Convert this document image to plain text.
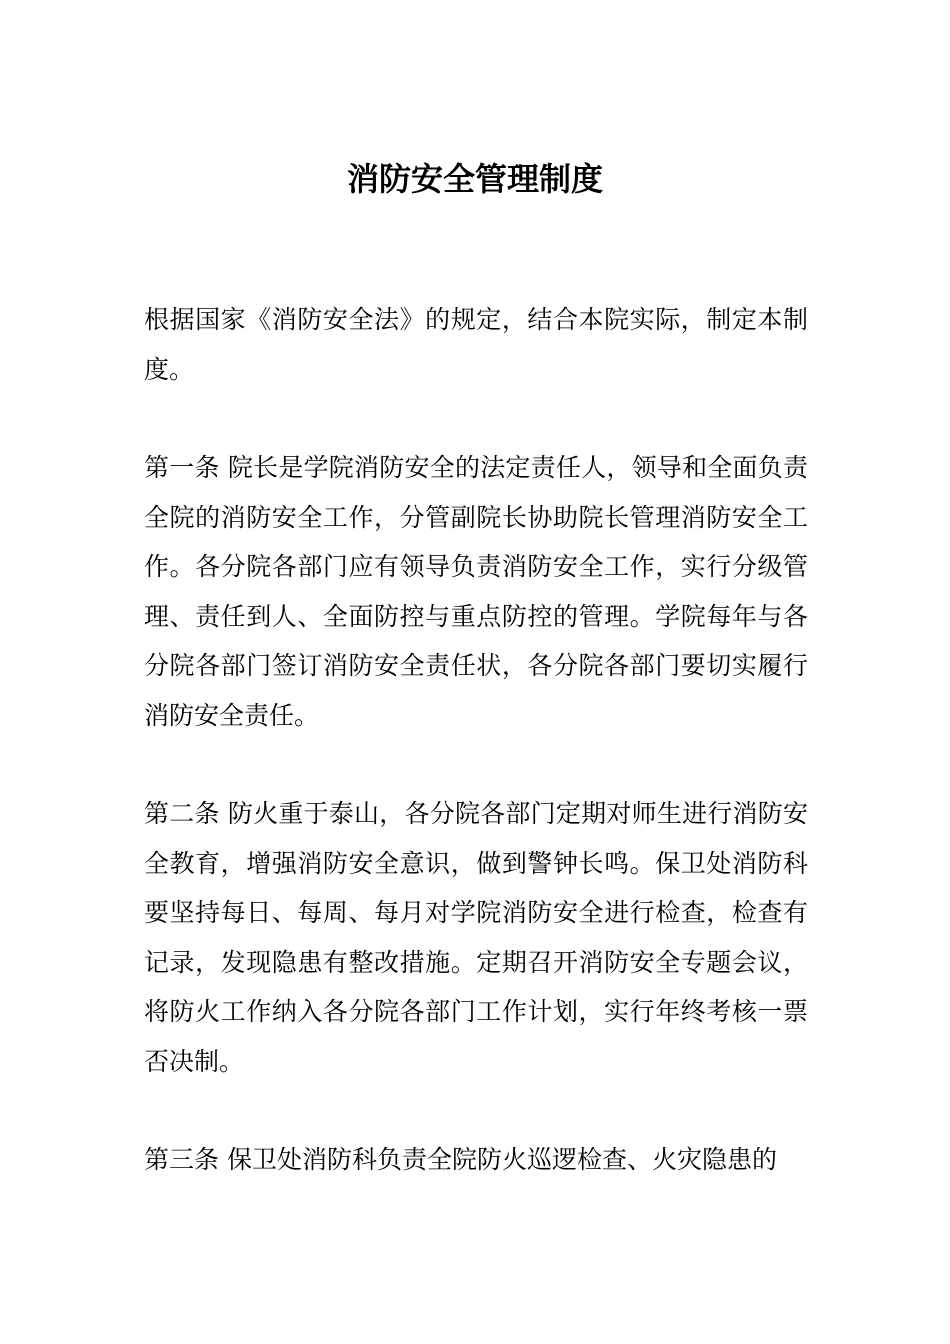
消防安全管理制度

根据国家《消防安全法》的规定，结合本院实际，制定本制度。

第一条 院长是学院消防安全的法定责任人，领导和全面负责全院的消防安全工作，分管副院长协助院长管理消防安全工作。各分院各部门应有领导负责消防安全工作，实行分级管理、责任到人、全面防控与重点防控的管理。学院每年与各分院各部门签订消防安全责任状，各分院各部门要切实履行消防安全责任。

第二条 防火重于泰山，各分院各部门定期对师生进行消防安全教育，增强消防安全意识，做到警钟长鸣。保卫处消防科要坚持每日、每周、每月对学院消防安全进行检查，检查有记录，发现隐患有整改措施。定期召开消防安全专题会议，将防火工作纳入各分院各部门工作计划，实行年终考核一票否决制。

第三条 保卫处消防科负责全院防火巡逻检查、火灾隐患的
